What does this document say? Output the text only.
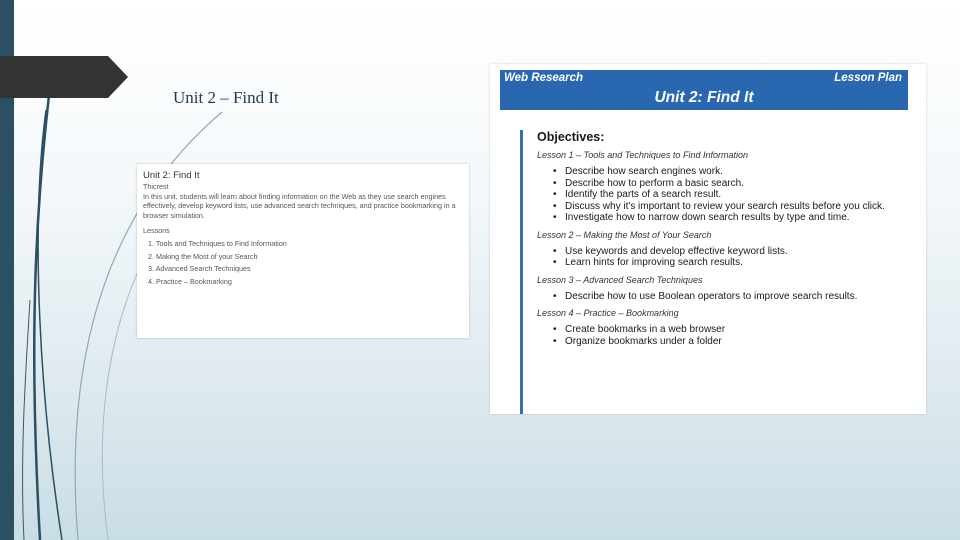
Unit 2 – Find It
Unit 2: Find It
Thicrest
In this unit, students will learn about finding information on the Web as they use search engines
effectively, develop keyword lists, use advanced search techniques, and practice bookmarking in a
browser simulation.
Lessons
1. Tools and Techniques to Find Information
2. Making the Most of your Search
3. Advanced Search Techniques
4. Practice – Bookmarking
Web Research	Lesson Plan
Unit 2: Find It
Objectives:
Lesson 1 – Tools and Techniques to Find Information
• Describe how search engines work.
• Describe how to perform a basic search.
• Identify the parts of a search result.
• Discuss why it's important to review your search results before you click.
• Investigate how to narrow down search results by type and time.
Lesson 2 – Making the Most of Your Search
• Use keywords and develop effective keyword lists.
• Learn hints for improving search results.
Lesson 3 – Advanced Search Techniques
• Describe how to use Boolean operators to improve search results.
Lesson 4 – Practice – Bookmarking
• Create bookmarks in a web browser
• Organize bookmarks under a folder
